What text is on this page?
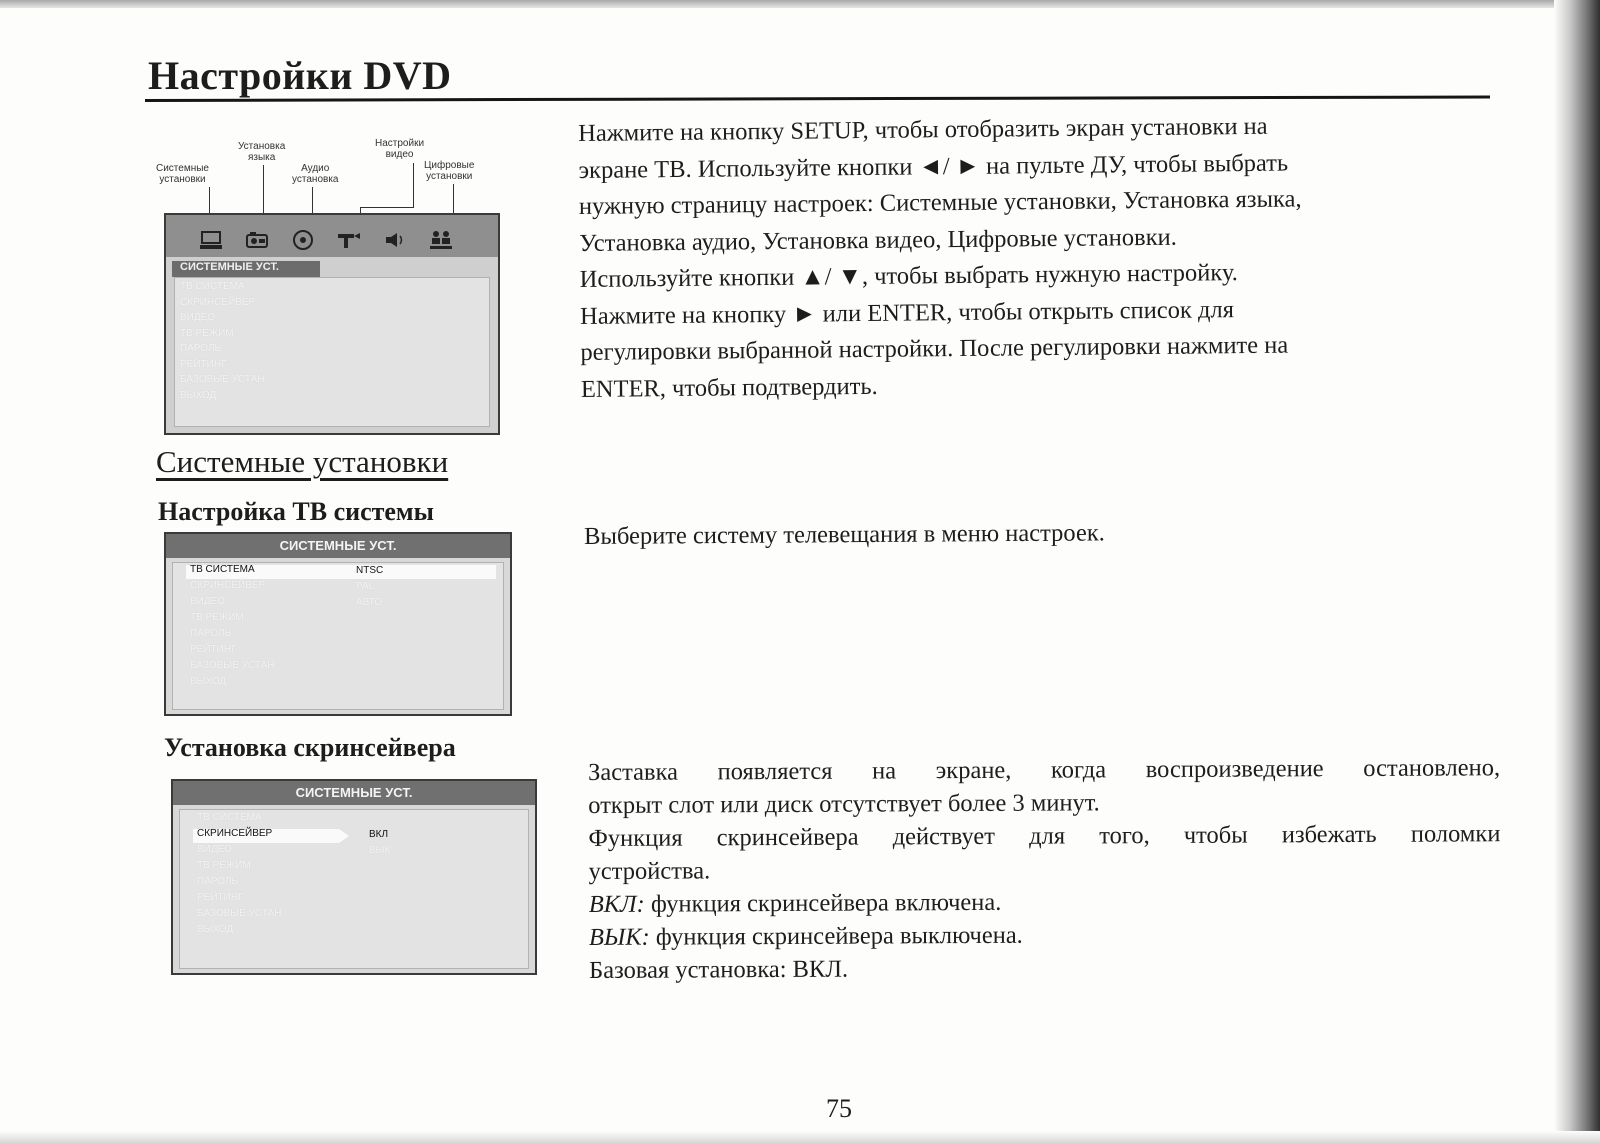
Настройки DVD
Системные
установки
Установка
языка
Аудио
установка
Настройки
видео
Цифровые
установки
СИСТЕМНЫЕ УСТ.
ТВ СИСТЕМА
СКРИНСЕЙВЕР
ВИДЕО
ТВ РЕЖИМ
ПАРОЛЬ
РЕЙТИНГ
БАЗОВЫЕ УСТАН
ВЫХОД

Нажмите на кнопку SETUP, чтобы отобразить экран установки на

экране ТВ. Используйте кнопки ◄/ ► на пульте ДУ, чтобы выбрать

нужную страницу настроек: Системные установки, Установка языка,

Установка аудио, Установка видео, Цифровые установки.

Используйте кнопки ▲/ ▼, чтобы выбрать нужную настройку.

Нажмите на кнопку ► или ENTER, чтобы открыть список для

регулировки выбранной настройки. После регулировки нажмите на

ENTER, чтобы подтвердить.

Системные установки
Настройка ТВ системы
СИСТЕМНЫЕ УСТ.
ТВ СИСТЕМА
СКРИНСЕЙВЕР
ВИДЕО
ТВ РЕЖИМ
ПАРОЛЬ
РЕЙТИНГ
БАЗОВЫЕ УСТАН
ВЫХОД
NTSC
PAL
АВТО
Выберите систему телевещания в меню настроек.
Установка скринсейвера
СИСТЕМНЫЕ УСТ.
ТВ СИСТЕМА
СКРИНСЕЙВЕР
ВИДЕО
ТВ РЕЖИМ
ПАРОЛЬ
РЕЙТИНГ
БАЗОВЫЕ УСТАН
ВЫХОД
ВКЛ
ВЫК

Заставка появляется на экране, когда воспроизведение остановлено,

открыт слот или диск отсутствует более 3 минут.

Функция скринсейвера действует для того, чтобы избежать поломки

устройства.

ВКЛ: функция скринсейвера включена.

ВЫК: функция скринсейвера выключена.

Базовая установка: ВКЛ.

75
